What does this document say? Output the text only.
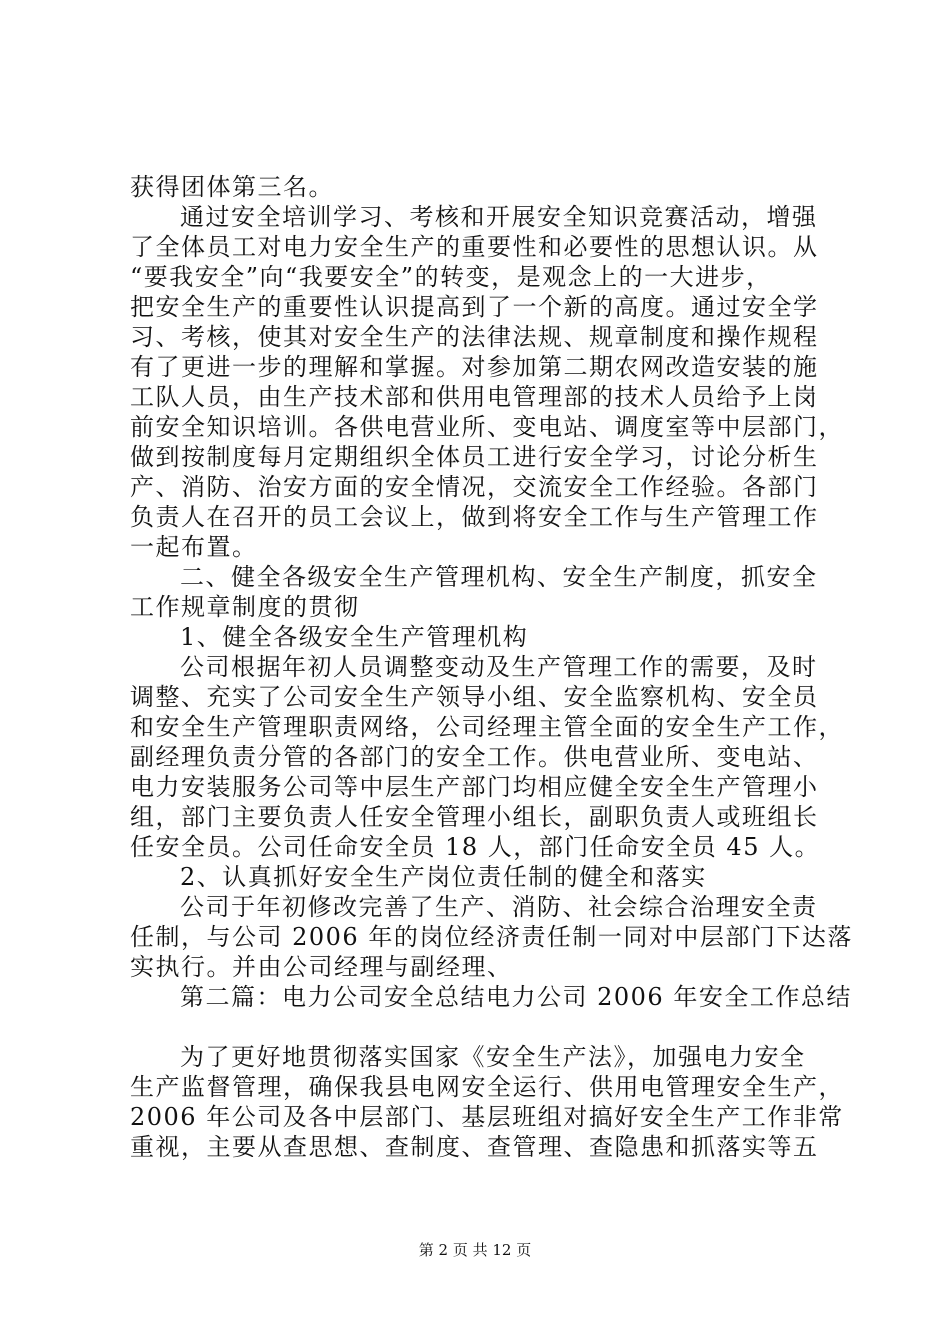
获得团体第三名。
通过安全培训学习、考核和开展安全知识竞赛活动，增强
了全体员工对电力安全生产的重要性和必要性的思想认识。从
“要我安全”向“我要安全”的转变，是观念上的一大进步，
把安全生产的重要性认识提高到了一个新的高度。通过安全学
习、考核，使其对安全生产的法律法规、规章制度和操作规程
有了更进一步的理解和掌握。对参加第二期农网改造安装的施
工队人员，由生产技术部和供用电管理部的技术人员给予上岗
前安全知识培训。各供电营业所、变电站、调度室等中层部门，
做到按制度每月定期组织全体员工进行安全学习，讨论分析生
产、消防、治安方面的安全情况，交流安全工作经验。各部门
负责人在召开的员工会议上，做到将安全工作与生产管理工作
一起布置。
二、健全各级安全生产管理机构、安全生产制度，抓安全
工作规章制度的贯彻
1、健全各级安全生产管理机构
公司根据年初人员调整变动及生产管理工作的需要，及时
调整、充实了公司安全生产领导小组、安全监察机构、安全员
和安全生产管理职责网络，公司经理主管全面的安全生产工作，
副经理负责分管的各部门的安全工作。供电营业所、变电站、
电力安装服务公司等中层生产部门均相应健全安全生产管理小
组，部门主要负责人任安全管理小组长，副职负责人或班组长
任安全员。公司任命安全员 18 人，部门任命安全员 45 人。
2、认真抓好安全生产岗位责任制的健全和落实
公司于年初修改完善了生产、消防、社会综合治理安全责
任制，与公司 2006 年的岗位经济责任制一同对中层部门下达落
实执行。并由公司经理与副经理、
第二篇：电力公司安全总结电力公司 2006 年安全工作总结
为了更好地贯彻落实国家《安全生产法》，加强电力安全
生产监督管理，确保我县电网安全运行、供用电管理安全生产，
2006 年公司及各中层部门、基层班组对搞好安全生产工作非常
重视，主要从查思想、查制度、查管理、查隐患和抓落实等五
第 2 页 共 12 页
